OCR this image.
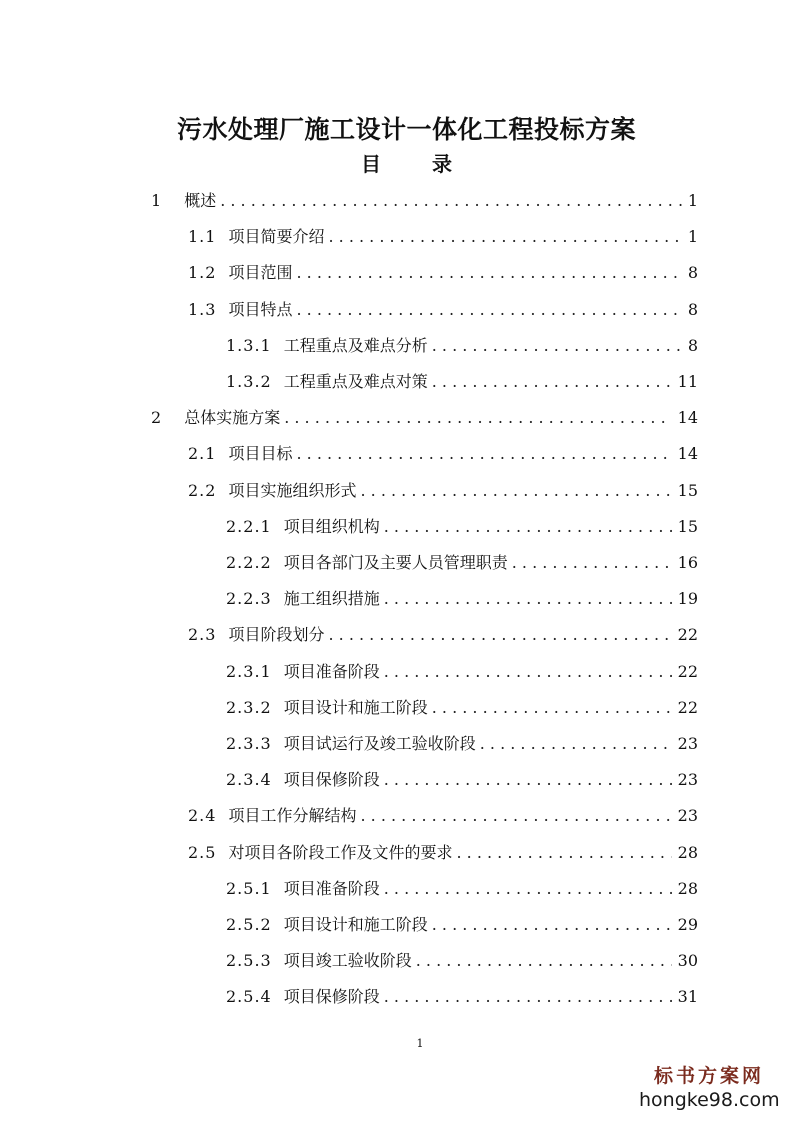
污水处理厂施工设计一体化工程投标方案
目 录
1 概述 . . .	1
1.1 项目简要介绍 . . .	1
1.2 项目范围 . . .	8
1.3 项目特点 . . .	8
1.3.1 工程重点及难点分析 . . .	8
1.3.2 工程重点及难点对策 . . .	11
2 总体实施方案 . . .	14
2.1 项目目标 . . .	14
2.2 项目实施组织形式 . . .	15
2.2.1 项目组织机构 . . .	15
2.2.2 项目各部门及主要人员管理职责 . . .	16
2.2.3 施工组织措施 . . .	19
2.3 项目阶段划分 . . .	22
2.3.1 项目准备阶段 . . .	22
2.3.2 项目设计和施工阶段 . . .	22
2.3.3 项目试运行及竣工验收阶段 . . .	23
2.3.4 项目保修阶段 . . .	23
2.4 项目工作分解结构 . . .	23
2.5 对项目各阶段工作及文件的要求 . . .	28
2.5.1 项目准备阶段 . . .	28
2.5.2 项目设计和施工阶段 . . .	29
2.5.3 项目竣工验收阶段 . . .	30
2.5.4 项目保修阶段 . . .	31
1
标书方案网
hongke98.com
